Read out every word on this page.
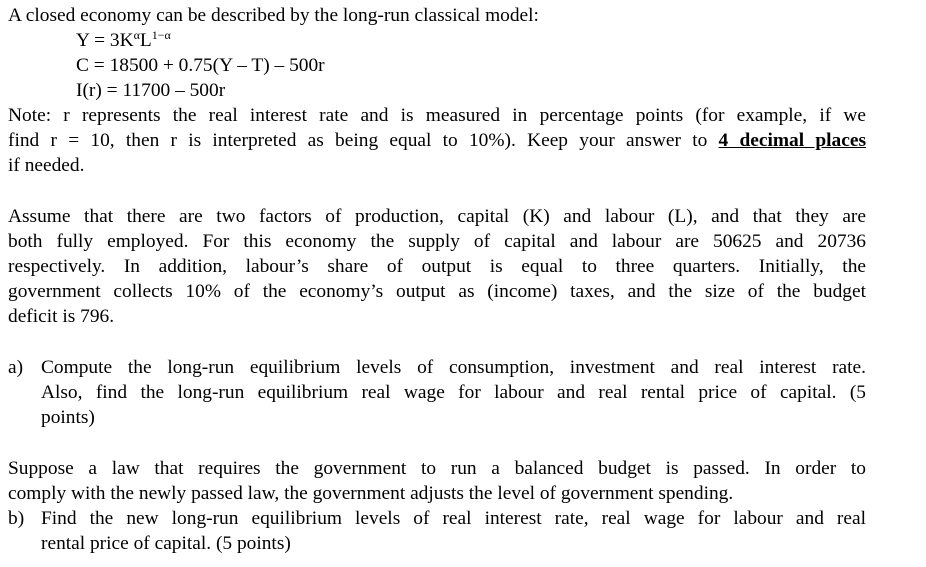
A closed economy can be described by the long-run classical model:
$Y = 3K^\alpha L^{1-\alpha}$
C = 18500 + 0.75(Y – T) – 500r
I(r) = 11700 – 500r
Note: r represents the real interest rate and is measured in percentage points (for example, if we
find r = 10, then r is interpreted as being equal to 10%). Keep your answer to 4 decimal places
if needed.
Assume that there are two factors of production, capital (K) and labour (L), and that they are
both fully employed. For this economy the supply of capital and labour are 50625 and 20736
respectively. In addition, labour’s share of output is equal to three quarters. Initially, the
government collects 10% of the economy’s output as (income) taxes, and the size of the budget
deficit is 796.
a) Compute the long-run equilibrium levels of consumption, investment and real interest rate.
Also, find the long-run equilibrium real wage for labour and real rental price of capital. (5
points)
Suppose a law that requires the government to run a balanced budget is passed. In order to
comply with the newly passed law, the government adjusts the level of government spending.
b) Find the new long-run equilibrium levels of real interest rate, real wage for labour and real
rental price of capital. (5 points)
